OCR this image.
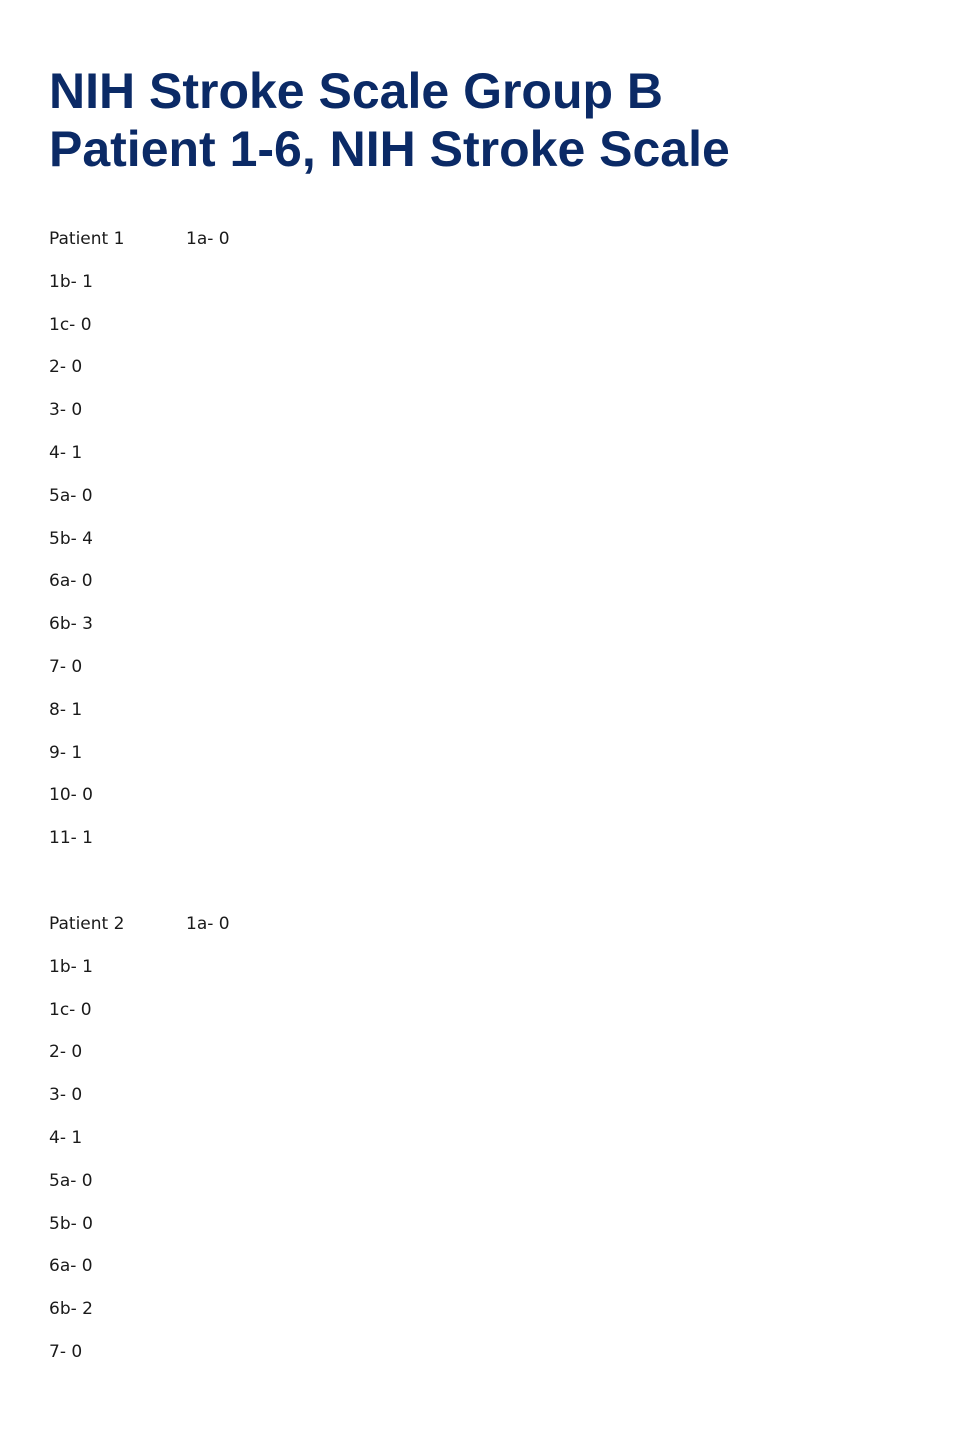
NIH Stroke Scale Group B
Patient 1-6, NIH Stroke Scale
Patient 1	1a- 0
1b- 1
1c- 0
2- 0
3- 0
4- 1
5a- 0
5b- 4
6a- 0
6b- 3
7- 0
8- 1
9- 1
10- 0
11- 1
Patient 2	1a- 0
1b- 1
1c- 0
2- 0
3- 0
4- 1
5a- 0
5b- 0
6a- 0
6b- 2
7- 0
